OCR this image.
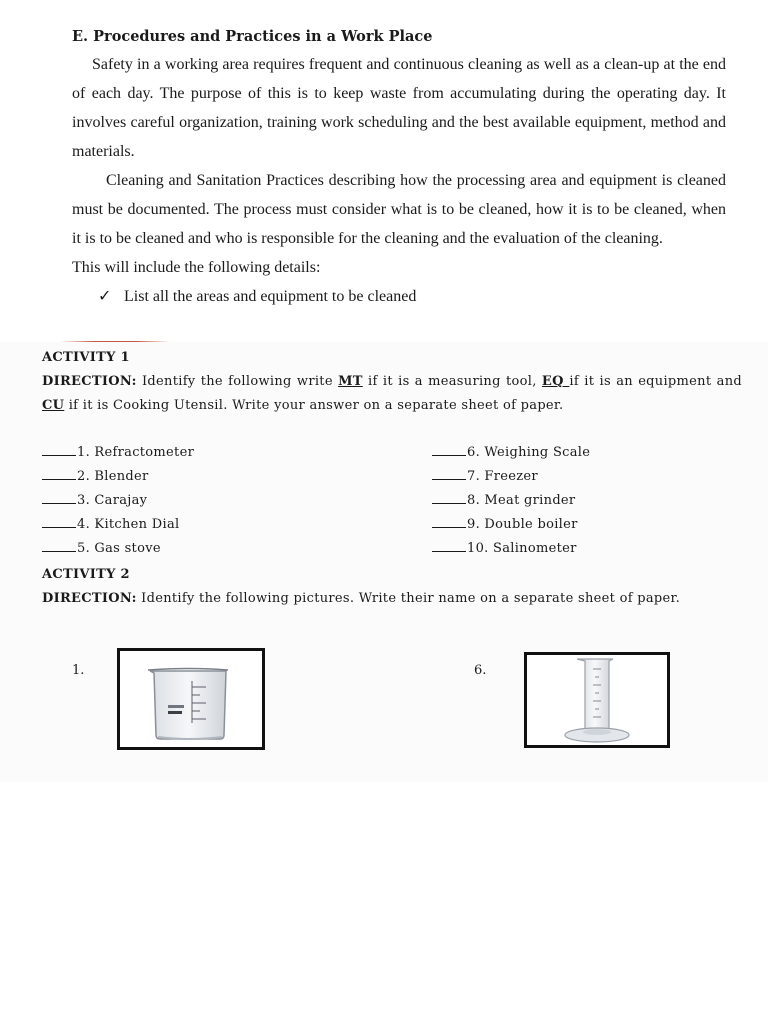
E. Procedures and Practices in a Work Place

Safety in a working area requires frequent and continuous cleaning as well as a clean-up at the end of each day. The purpose of this is to keep waste from accumulating during the operating day. It involves careful organization, training work scheduling and the best available equipment, method and materials.

Cleaning and Sanitation Practices describing how the processing area and equipment is cleaned must be documented. The process must consider what is to be cleaned, how it is to be cleaned, when it is to be cleaned and who is responsible for the cleaning and the evaluation of the cleaning.

This will include the following details:

✓ List all the areas and equipment to be cleaned

ACTIVITY 1

DIRECTION: Identify the following write MT if it is a measuring tool, EQ if it is an equipment and CU if it is Cooking Utensil. Write your answer on a separate sheet of paper.

1. Refractometer
2. Blender
3. Carajay
4. Kitchen Dial
5. Gas stove
6. Weighing Scale
7. Freezer
8. Meat grinder
9. Double boiler
10. Salinometer

ACTIVITY 2

DIRECTION: Identify the following pictures. Write their name on a separate sheet of paper.

1.	6.
